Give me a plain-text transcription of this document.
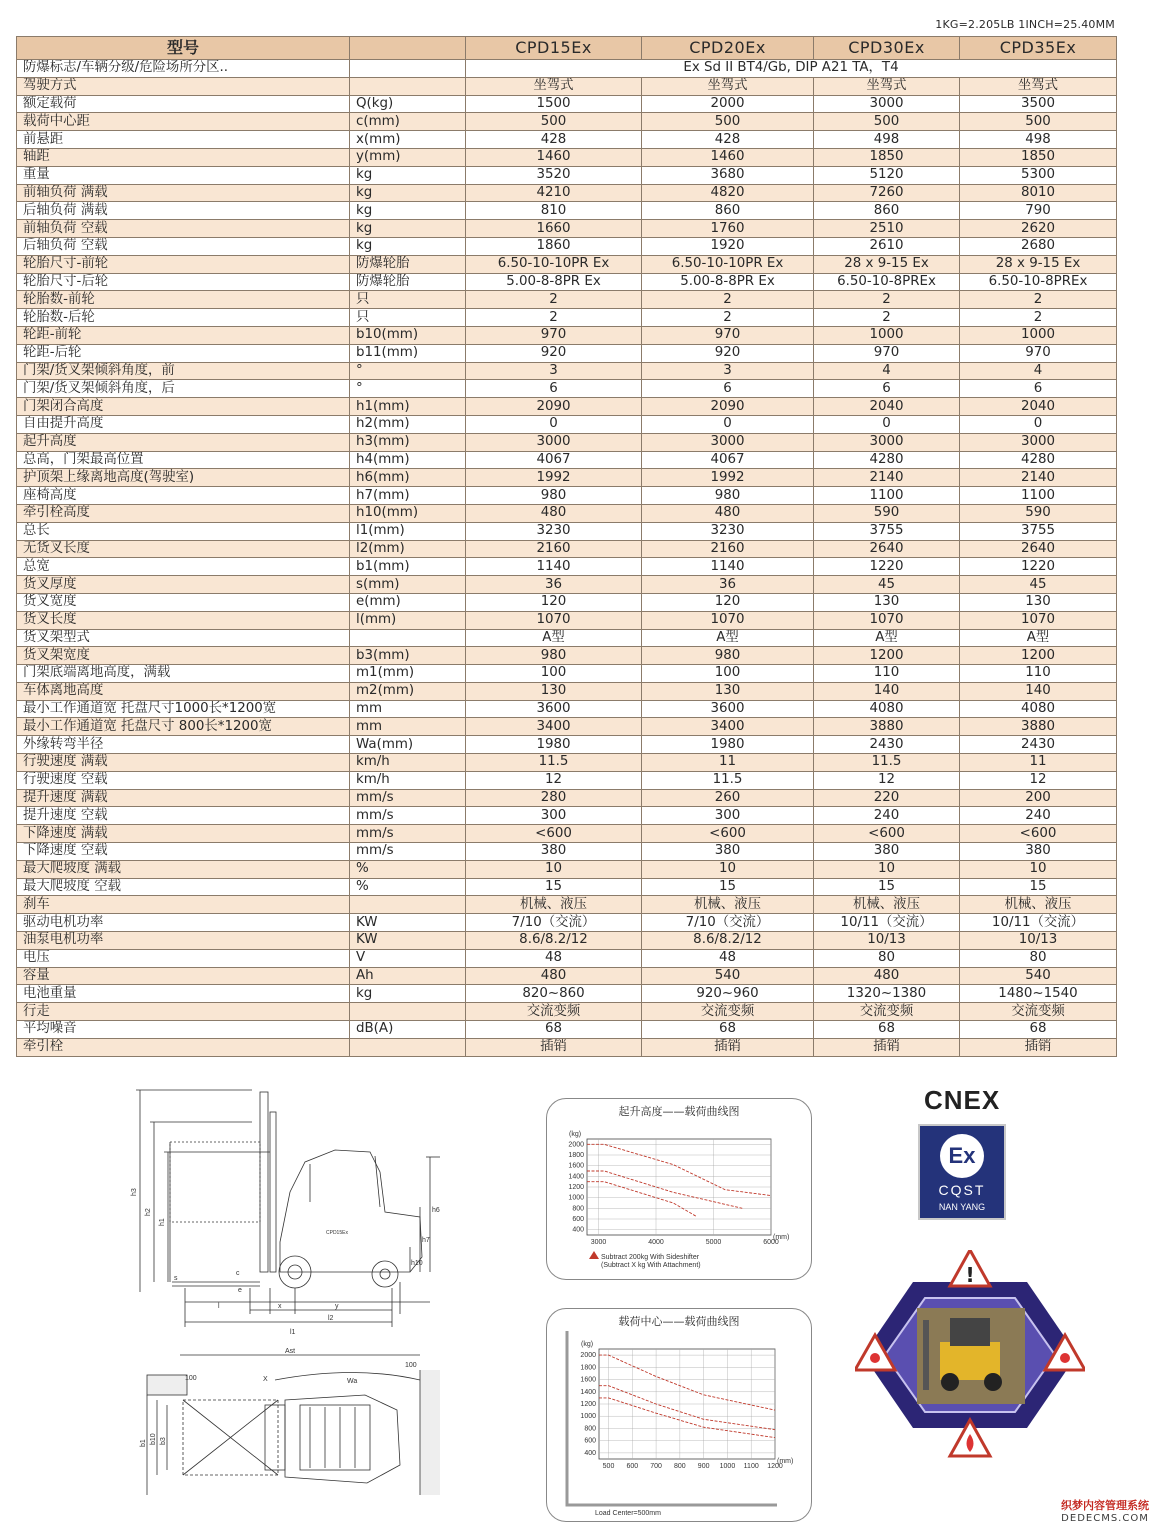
1KG=2.205LB 1INCH=25.40MM
型号		CPD15Ex	CPD20Ex	CPD30Ex	CPD35Ex
防爆标志/车辆分级/危险场所分区..		Ex Sd II BT4/Gb, DIP A21 TA，T4			
驾驶方式		坐驾式	坐驾式	坐驾式	坐驾式
额定载荷	Q(kg)	1500	2000	3000	3500
载荷中心距	c(mm)	500	500	500	500
前悬距	x(mm)	428	428	498	498
轴距	y(mm)	1460	1460	1850	1850
重量	kg	3520	3680	5120	5300
前轴负荷 满载	kg	4210	4820	7260	8010
后轴负荷 满载	kg	810	860	860	790
前轴负荷 空载	kg	1660	1760	2510	2620
后轴负荷 空载	kg	1860	1920	2610	2680
轮胎尺寸-前轮	防爆轮胎	6.50-10-10PR Ex	6.50-10-10PR Ex	28 x 9-15 Ex	28 x 9-15 Ex
轮胎尺寸-后轮	防爆轮胎	5.00-8-8PR Ex	5.00-8-8PR Ex	6.50-10-8PREx	6.50-10-8PREx
轮胎数-前轮	只	2	2	2	2
轮胎数-后轮	只	2	2	2	2
轮距-前轮	b10(mm)	970	970	1000	1000
轮距-后轮	b11(mm)	920	920	970	970
门架/货叉架倾斜角度，前	°	3	3	4	4
门架/货叉架倾斜角度，后	°	6	6	6	6
门架闭合高度	h1(mm)	2090	2090	2040	2040
自由提升高度	h2(mm)	0	0	0	0
起升高度	h3(mm)	3000	3000	3000	3000
总高，门架最高位置	h4(mm)	4067	4067	4280	4280
护顶架上缘离地高度(驾驶室)	h6(mm)	1992	1992	2140	2140
座椅高度	h7(mm)	980	980	1100	1100
牵引栓高度	h10(mm)	480	480	590	590
总长	l1(mm)	3230	3230	3755	3755
无货叉长度	l2(mm)	2160	2160	2640	2640
总宽	b1(mm)	1140	1140	1220	1220
货叉厚度	s(mm)	36	36	45	45
货叉宽度	e(mm)	120	120	130	130
货叉长度	l(mm)	1070	1070	1070	1070
货叉架型式		A型	A型	A型	A型
货叉架宽度	b3(mm)	980	980	1200	1200
门架底端离地高度，满载	m1(mm)	100	100	110	110
车体离地高度	m2(mm)	130	130	140	140
最小工作通道宽 托盘尺寸1000长*1200宽	mm	3600	3600	4080	4080
最小工作通道宽 托盘尺寸 800长*1200宽	mm	3400	3400	3880	3880
外缘转弯半径	Wa(mm)	1980	1980	2430	2430
行驶速度 满载	km/h	11.5	11	11.5	11
行驶速度 空载	km/h	12	11.5	12	12
提升速度 满载	mm/s	280	260	220	200
提升速度 空载	mm/s	300	300	240	240
下降速度 满载	mm/s	<600	<600	<600	<600
下降速度 空载	mm/s	380	380	380	380
最大爬坡度 满载	%	10	10	10	10
最大爬坡度 空载	%	15	15	15	15
刹车		机械、液压	机械、液压	机械、液压	机械、液压
驱动电机功率	KW	7/10（交流）	7/10（交流）	10/11（交流）	10/11（交流）
油泵电机功率	KW	8.6/8.2/12	8.6/8.2/12	10/13	10/13
电压	V	48	48	80	80
容量	Ah	480	540	480	540
电池重量	kg	820~860	920~960	1320~1380	1480~1540
行走		交流变频	交流变频	交流变频	交流变频
平均噪音	dB(A)	68	68	68	68
牵引栓		插销	插销	插销	插销
h3
h2
h1
h6
h7
h10
s
e
l	x	y
l2
l1
c
CPD15Ex
Ast
100
100
X	Wa
b10
b1 b3
起升高度——载荷曲线图
400
600
800
1000
1200
1400
1600
1800
2000
3000	4000	5000	6000
(kg)
(mm)
Subtract 200kg With Sideshifter
(Subtract X kg With Attachment)
载荷中心——载荷曲线图
400
600
800
1000
1200
1400
1600
1800
2000
500 600 700 800 900 1000 1100 1200
(kg)
(mm)
Load Center=500mm
CNEX
Ex
CQST
NAN YANG
!
织梦内容管理系统
DEDECMS.COM
